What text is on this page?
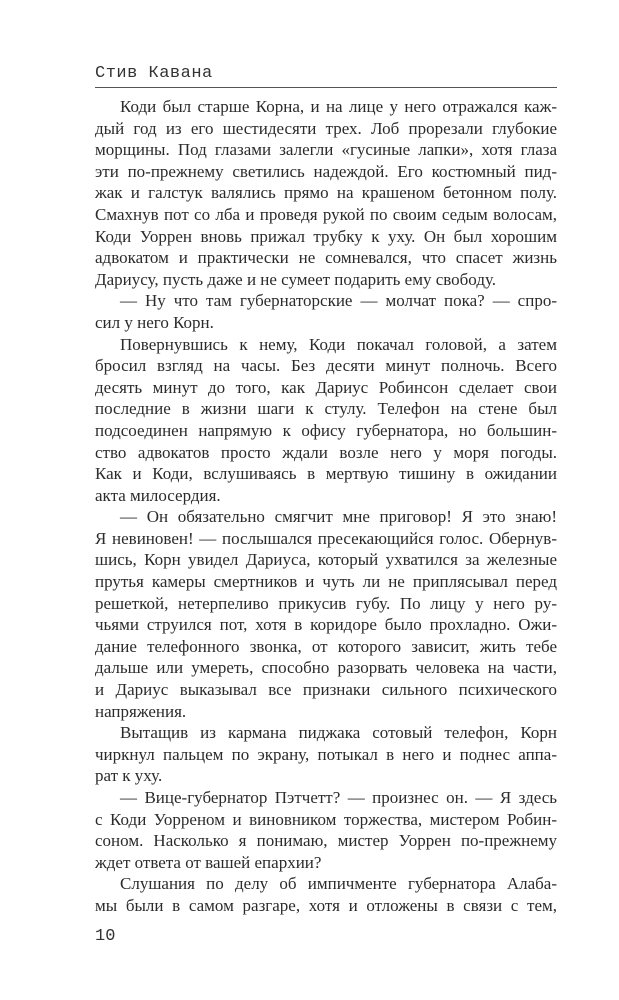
Стив Кавана
Коди был старше Корна, и на лице у него отражался каж-
дый год из его шестидесяти трех. Лоб прорезали глубокие
морщины. Под глазами залегли «гусиные лапки», хотя глаза
эти по-прежнему светились надеждой. Его костюмный пид-
жак и галстук валялись прямо на крашеном бетонном полу.
Смахнув пот со лба и проведя рукой по своим седым волосам,
Коди Уоррен вновь прижал трубку к уху. Он был хорошим
адвокатом и практически не сомневался, что спасет жизнь
Дариусу, пусть даже и не сумеет подарить ему свободу.
— Ну что там губернаторские — молчат пока? — спро-
сил у него Корн.
Повернувшись к нему, Коди покачал головой, а затем
бросил взгляд на часы. Без десяти минут полночь. Всего
десять минут до того, как Дариус Робинсон сделает свои
последние в жизни шаги к стулу. Телефон на стене был
подсоединен напрямую к офису губернатора, но большин-
ство адвокатов просто ждали возле него у моря погоды.
Как и Коди, вслушиваясь в мертвую тишину в ожидании
акта милосердия.
— Он обязательно смягчит мне приговор! Я это знаю!
Я невиновен! — послышался пресекающийся голос. Обернув-
шись, Корн увидел Дариуса, который ухватился за железные
прутья камеры смертников и чуть ли не приплясывал перед
решеткой, нетерпеливо прикусив губу. По лицу у него ру-
чьями струился пот, хотя в коридоре было прохладно. Ожи-
дание телефонного звонка, от которого зависит, жить тебе
дальше или умереть, способно разорвать человека на части,
и Дариус выказывал все признаки сильного психического
напряжения.
Вытащив из кармана пиджака сотовый телефон, Корн
чиркнул пальцем по экрану, потыкал в него и поднес аппа-
рат к уху.
— Вице-губернатор Пэтчетт? — произнес он. — Я здесь
с Коди Уорреном и виновником торжества, мистером Робин-
соном. Насколько я понимаю, мистер Уоррен по-прежнему
ждет ответа от вашей епархии?
Слушания по делу об импичменте губернатора Алаба-
мы были в самом разгаре, хотя и отложены в связи с тем,
10
